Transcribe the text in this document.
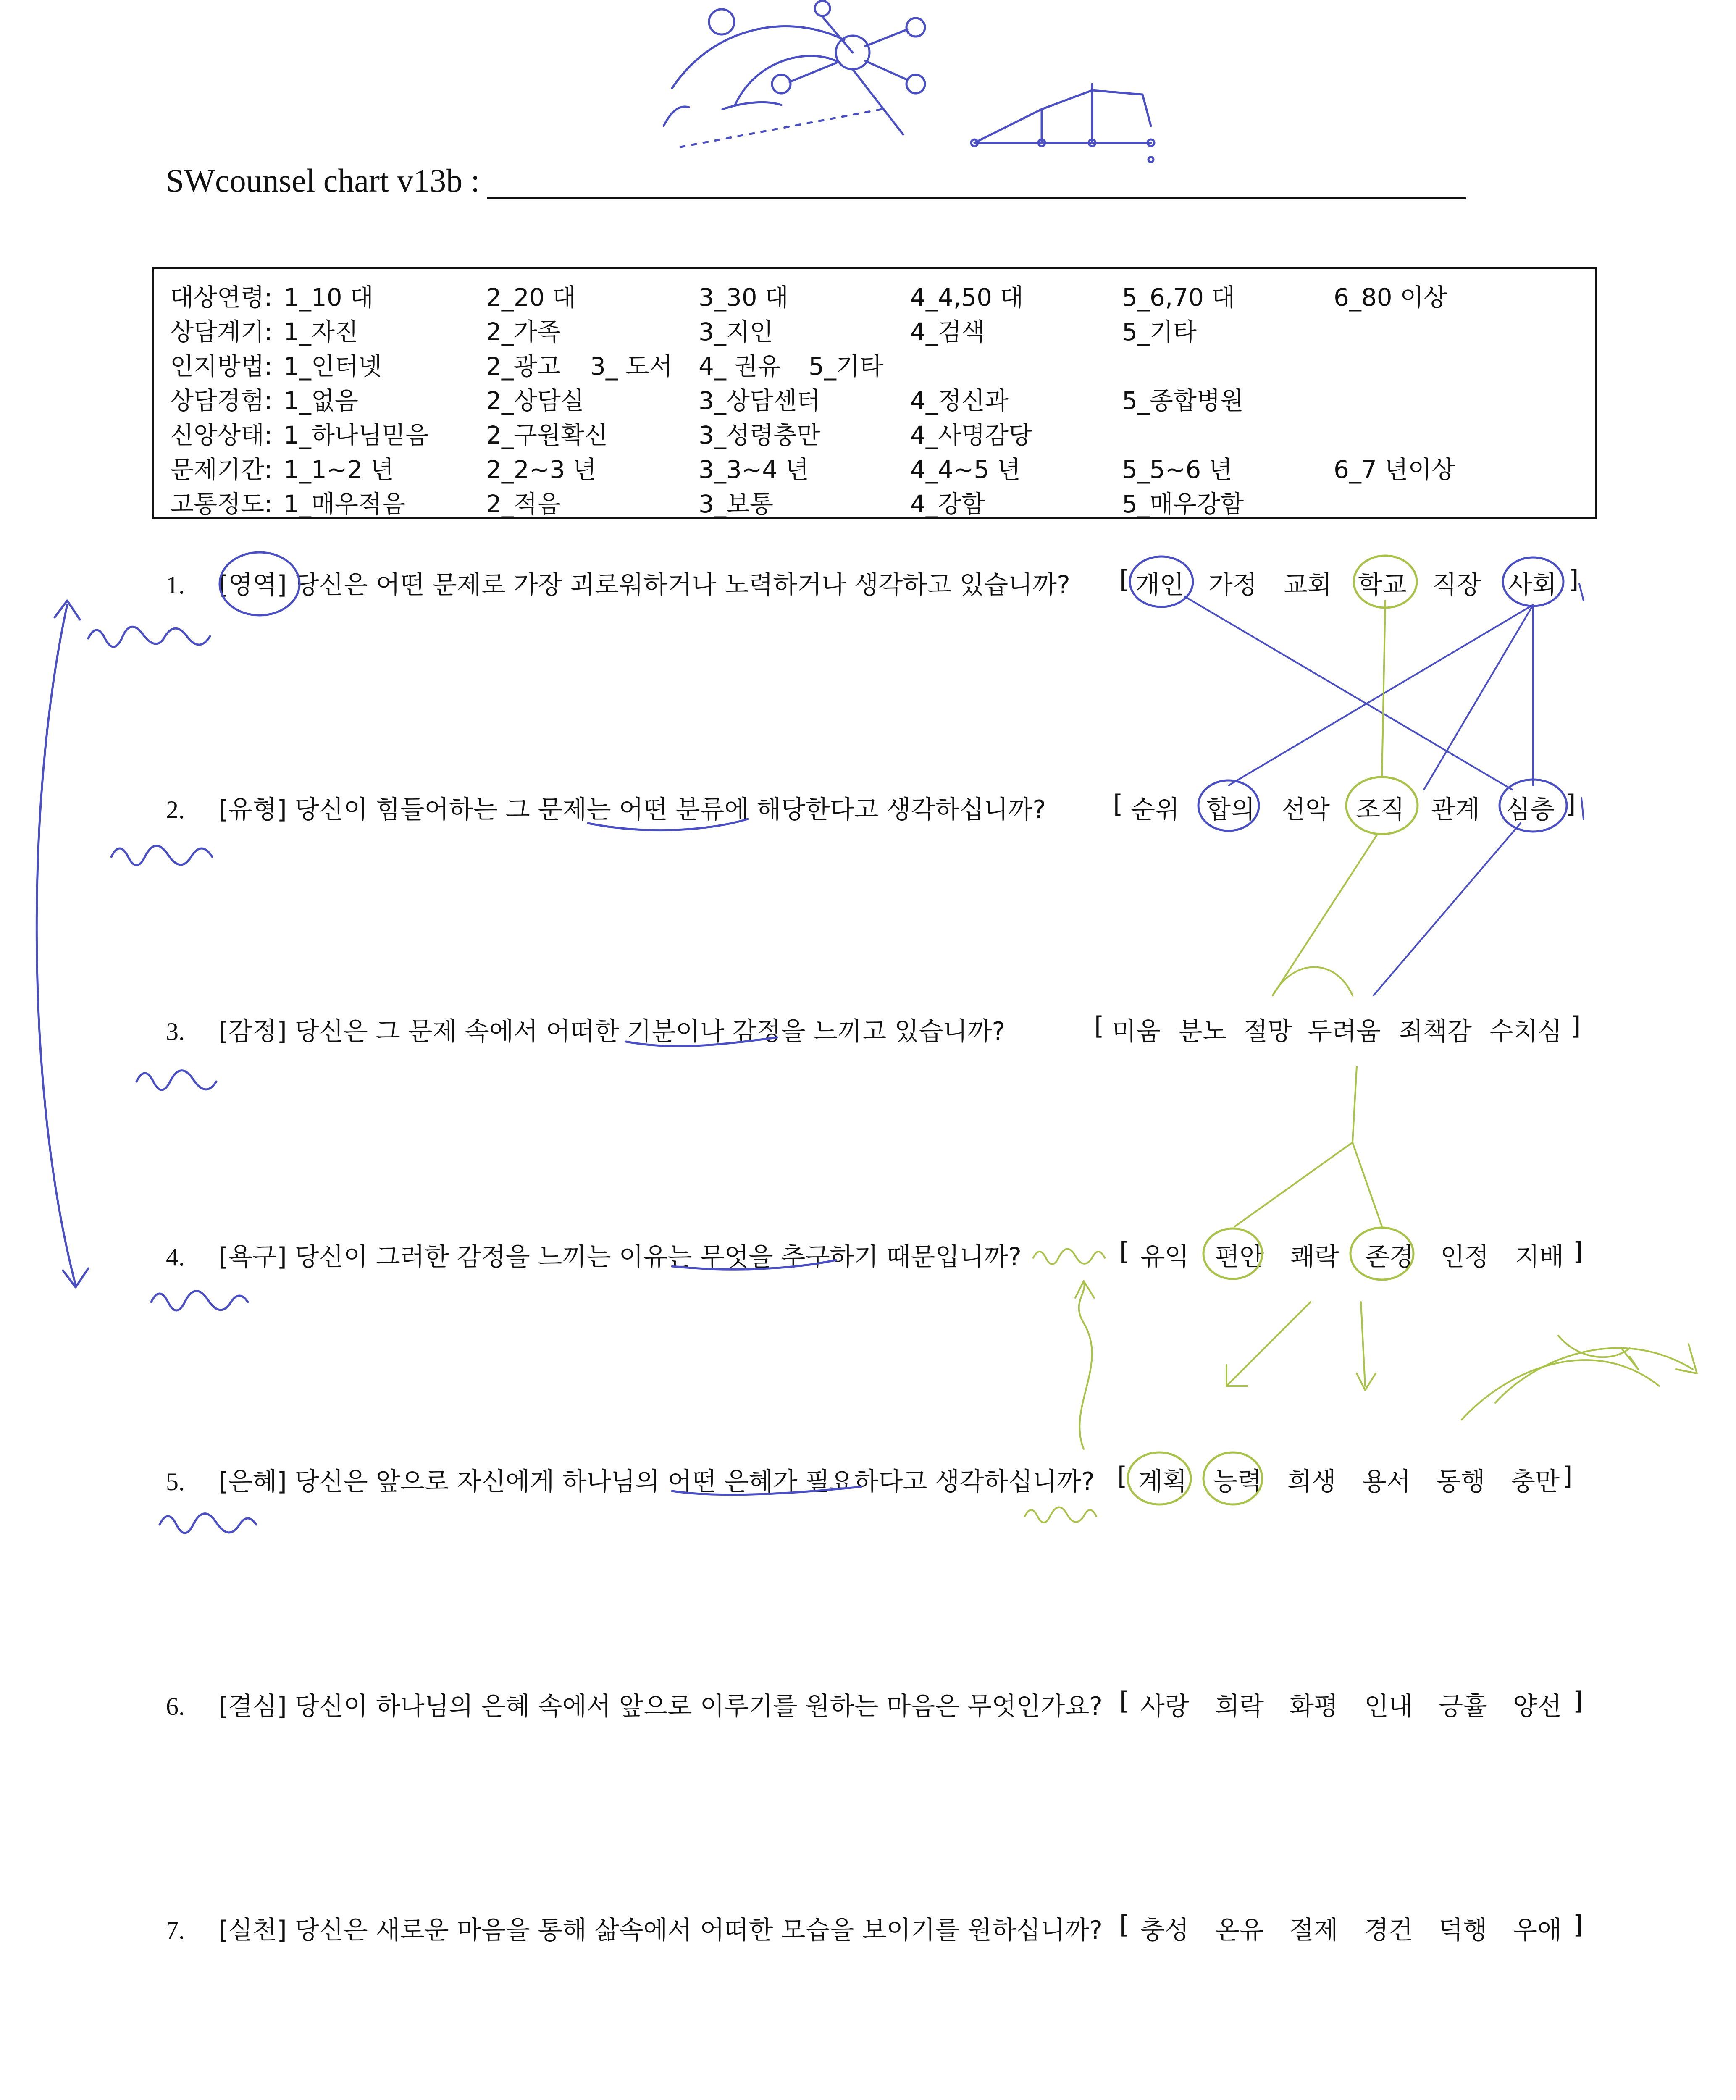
SWcounsel chart v13b :
대상연령: 1_10 대	2_20 대	3_30 대	4_4,50 대	5_6,70 대	6_80 이상
상담계기: 1_자진	2_가족	3_지인	4_검색	5_기타
인지방법: 1_인터넷	2_광고 3_ 도서 4_ 권유 5_기타
상담경험: 1_없음	2_상담실	3_상담센터	4_정신과	5_종합병원
신앙상태: 1_하나님믿음 2_구원확신	3_성령충만	4_사명감당
문제기간: 1_1~2 년	2_2~3 년	3_3~4 년	4_4~5 년	5_5~6 년	6_7 년이상
고통정도: 1_매우적음	2_적음	3_보통	4_강함	5_매우강함
1. [영역] 당신은 어떤 문제로 가장 괴로워하거나 노력하거나 생각하고 있습니까? [ 개인 가정 교회 학교 직장 사회 ]
2. [유형] 당신이 힘들어하는 그 문제는 어떤 분류에 해당한다고 생각하십니까?	[ 순위 합의 선악 조직 관계 심층 ]
3. [감정] 당신은 그 문제 속에서 어떠한 기분이나 감정을 느끼고 있습니까?	[ 미움 분노 절망 두려움 죄책감 수치심 ]
4. [욕구] 당신이 그러한 감정을 느끼는 이유는 무엇을 추구하기 때문입니까?	[ 유익 편안 쾌락 존경 인정 지배 ]
5. [은혜] 당신은 앞으로 자신에게 하나님의 어떤 은혜가 필요하다고 생각하십니까? [ 계획 능력 희생 용서 동행 충만 ]
6. [결심] 당신이 하나님의 은혜 속에서 앞으로 이루기를 원하는 마음은 무엇인가요? [ 사랑 희락 화평 인내 긍휼 양선 ]
7. [실천] 당신은 새로운 마음을 통해 삶속에서 어떠한 모습을 보이기를 원하십니까? [ 충성 온유 절제 경건 덕행 우애 ]
